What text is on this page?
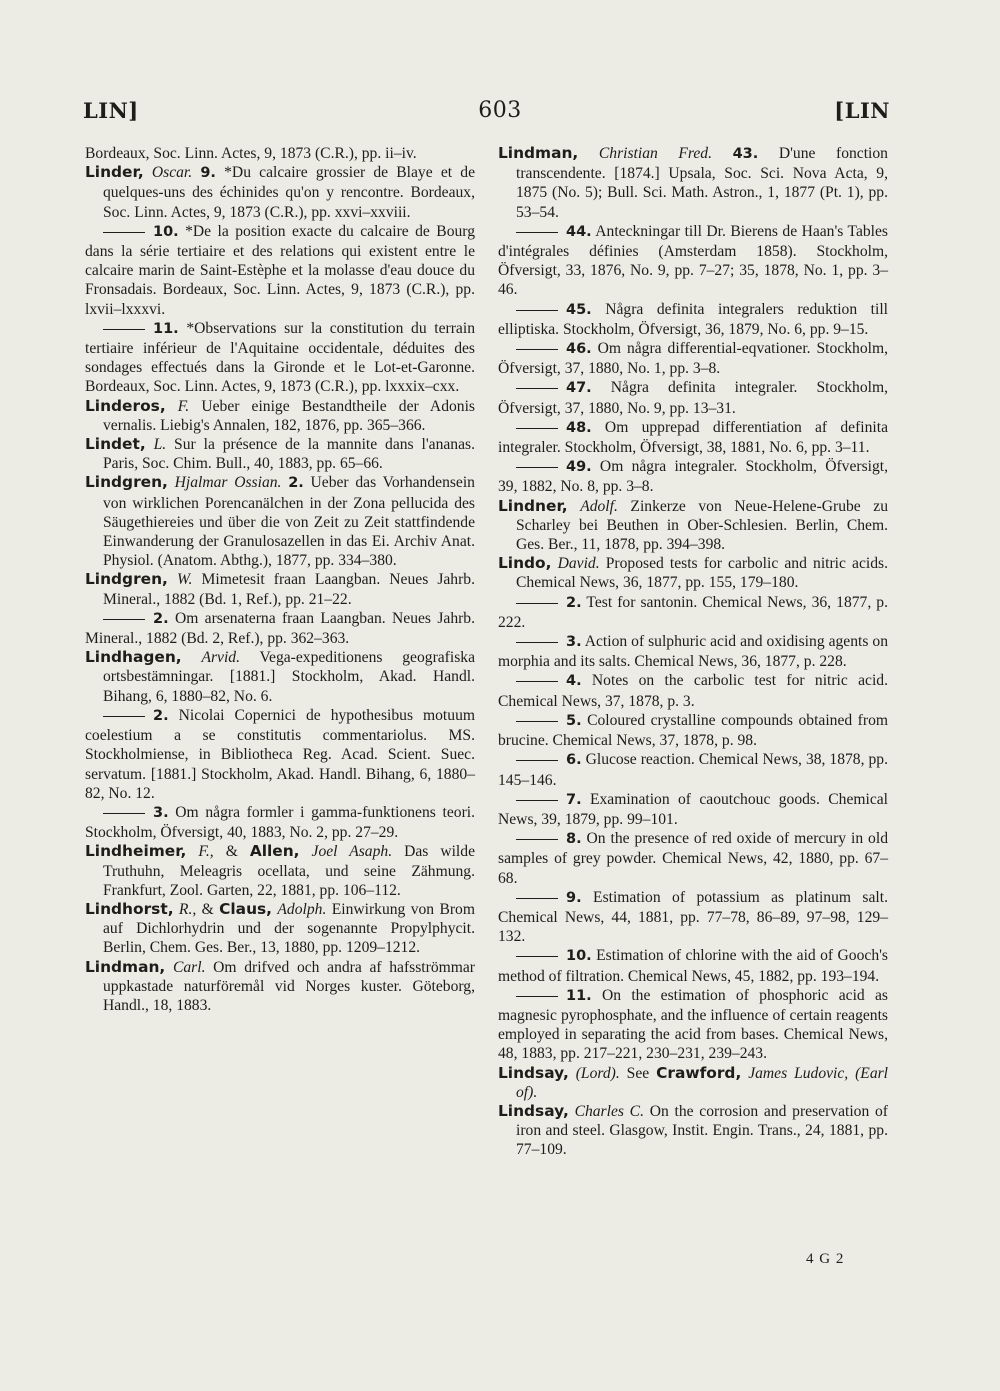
LIN]	603	[LIN
Bordeaux, Soc. Linn. Actes, 9, 1873 (C.R.), pp. ii–iv.
Linder, Oscar. 9. *Du calcaire grossier de Blaye et de quelques-uns des échinides qu'on y rencontre. Bordeaux, Soc. Linn. Actes, 9, 1873 (C.R.), pp. xxvi–xxviii.
10. *De la position exacte du calcaire de Bourg dans la série tertiaire et des relations qui existent entre le calcaire marin de Saint-Estèphe et la molasse d'eau douce du Fronsadais. Bordeaux, Soc. Linn. Actes, 9, 1873 (C.R.), pp. lxvii–lxxxvi.
11. *Observations sur la constitution du terrain tertiaire inférieur de l'Aquitaine occidentale, déduites des sondages effectués dans la Gironde et le Lot-et-Garonne. Bordeaux, Soc. Linn. Actes, 9, 1873 (C.R.), pp. lxxxix–cxx.
Linderos, F. Ueber einige Bestandtheile der Adonis vernalis. Liebig's Annalen, 182, 1876, pp. 365–366.
Lindet, L. Sur la présence de la mannite dans l'ananas. Paris, Soc. Chim. Bull., 40, 1883, pp. 65–66.
Lindgren, Hjalmar Ossian. 2. Ueber das Vorhandensein von wirklichen Porencanälchen in der Zona pellucida des Säugethiereies und über die von Zeit zu Zeit stattfindende Einwanderung der Granulosazellen in das Ei. Archiv Anat. Physiol. (Anatom. Abthg.), 1877, pp. 334–380.
Lindgren, W. Mimetesit fraan Laangban. Neues Jahrb. Mineral., 1882 (Bd. 1, Ref.), pp. 21–22.
2. Om arsenaterna fraan Laangban. Neues Jahrb. Mineral., 1882 (Bd. 2, Ref.), pp. 362–363.
Lindhagen, Arvid. Vega-expeditionens geografiska ortsbestämningar. [1881.] Stockholm, Akad. Handl. Bihang, 6, 1880–82, No. 6.
2. Nicolai Copernici de hypothesibus motuum coelestium a se constitutis commentariolus. MS. Stockholmiense, in Bibliotheca Reg. Acad. Scient. Suec. servatum. [1881.] Stockholm, Akad. Handl. Bihang, 6, 1880–82, No. 12.
3. Om några formler i gamma-funktionens teori. Stockholm, Öfversigt, 40, 1883, No. 2, pp. 27–29.
Lindheimer, F., & Allen, Joel Asaph. Das wilde Truthuhn, Meleagris ocellata, und seine Zähmung. Frankfurt, Zool. Garten, 22, 1881, pp. 106–112.
Lindhorst, R., & Claus, Adolph. Einwirkung von Brom auf Dichlorhydrin und der sogenannte Propylphycit. Berlin, Chem. Ges. Ber., 13, 1880, pp. 1209–1212.
Lindman, Carl. Om drifved och andra af hafsströmmar uppkastade naturföremål vid Norges kuster. Göteborg, Handl., 18, 1883.
Lindman, Christian Fred. 43. D'une fonction transcendente. [1874.] Upsala, Soc. Sci. Nova Acta, 9, 1875 (No. 5); Bull. Sci. Math. Astron., 1, 1877 (Pt. 1), pp. 53–54.
44. Anteckningar till Dr. Bierens de Haan's Tables d'intégrales définies (Amsterdam 1858). Stockholm, Öfversigt, 33, 1876, No. 9, pp. 7–27; 35, 1878, No. 1, pp. 3–46.
45. Några definita integralers reduktion till elliptiska. Stockholm, Öfversigt, 36, 1879, No. 6, pp. 9–15.
46. Om några differential-eqvationer. Stockholm, Öfversigt, 37, 1880, No. 1, pp. 3–8.
47. Några definita integraler. Stockholm, Öfversigt, 37, 1880, No. 9, pp. 13–31.
48. Om upprepad differentiation af definita integraler. Stockholm, Öfversigt, 38, 1881, No. 6, pp. 3–11.
49. Om några integraler. Stockholm, Öfversigt, 39, 1882, No. 8, pp. 3–8.
Lindner, Adolf. Zinkerze von Neue-Helene-Grube zu Scharley bei Beuthen in Ober-Schlesien. Berlin, Chem. Ges. Ber., 11, 1878, pp. 394–398.
Lindo, David. Proposed tests for carbolic and nitric acids. Chemical News, 36, 1877, pp. 155, 179–180.
2. Test for santonin. Chemical News, 36, 1877, p. 222.
3. Action of sulphuric acid and oxidising agents on morphia and its salts. Chemical News, 36, 1877, p. 228.
4. Notes on the carbolic test for nitric acid. Chemical News, 37, 1878, p. 3.
5. Coloured crystalline compounds obtained from brucine. Chemical News, 37, 1878, p. 98.
6. Glucose reaction. Chemical News, 38, 1878, pp. 145–146.
7. Examination of caoutchouc goods. Chemical News, 39, 1879, pp. 99–101.
8. On the presence of red oxide of mercury in old samples of grey powder. Chemical News, 42, 1880, pp. 67–68.
9. Estimation of potassium as platinum salt. Chemical News, 44, 1881, pp. 77–78, 86–89, 97–98, 129–132.
10. Estimation of chlorine with the aid of Gooch's method of filtration. Chemical News, 45, 1882, pp. 193–194.
11. On the estimation of phosphoric acid as magnesic pyrophosphate, and the influence of certain reagents employed in separating the acid from bases. Chemical News, 48, 1883, pp. 217–221, 230–231, 239–243.
Lindsay, (Lord). See Crawford, James Ludovic, (Earl of).
Lindsay, Charles C. On the corrosion and preservation of iron and steel. Glasgow, Instit. Engin. Trans., 24, 1881, pp. 77–109.
4 G 2
